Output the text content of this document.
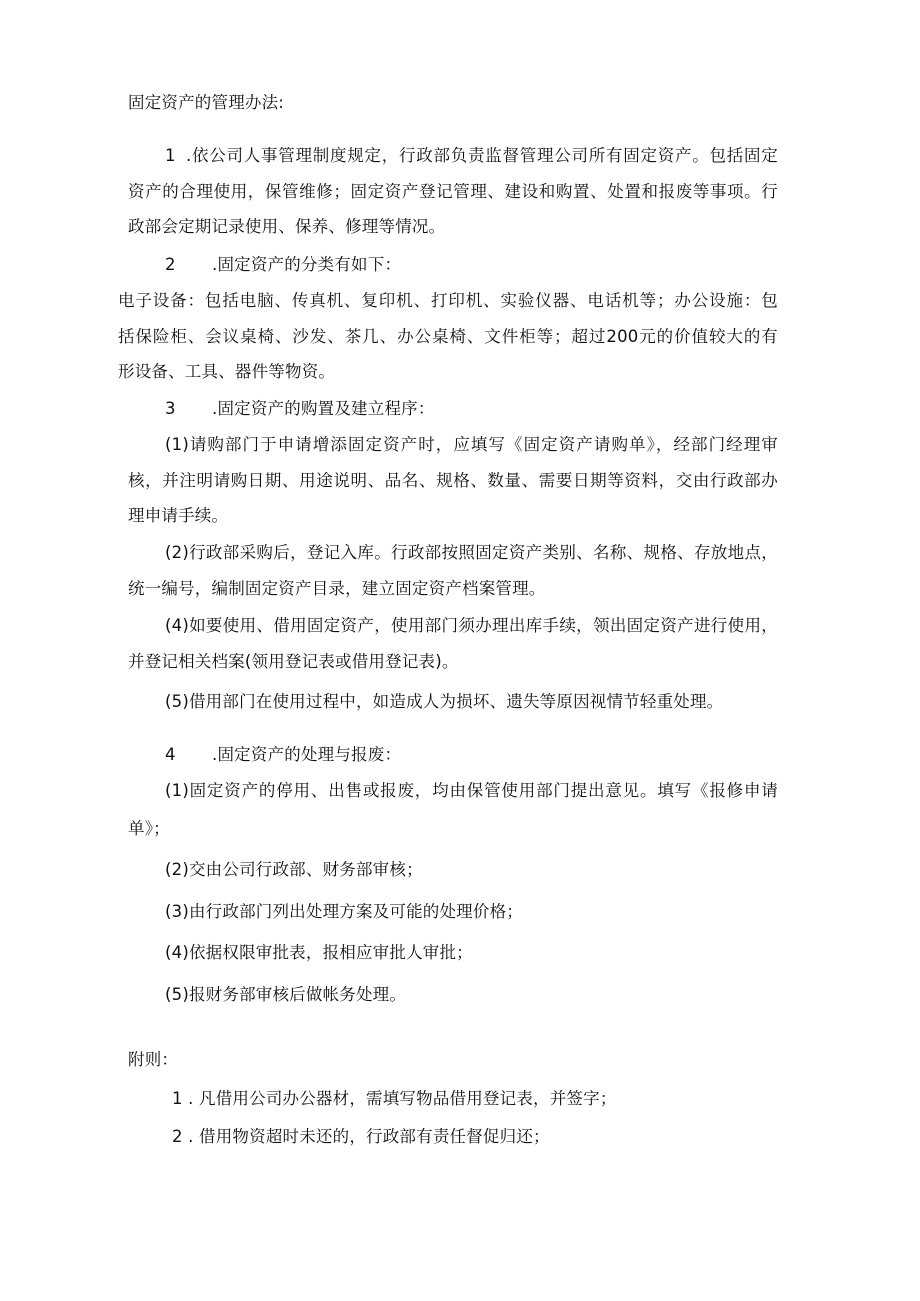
固定资产的管理办法:
1 .依公司人事管理制度规定，行政部负责监督管理公司所有固定资产。包括固定
资产的合理使用，保管维修；固定资产登记管理、建设和购置、处置和报废等事项。行
政部会定期记录使用、保养、修理等情况。
2 .固定资产的分类有如下：
电子设备：包括电脑、传真机、复印机、打印机、实验仪器、电话机等；办公设施：包
括保险柜、会议桌椅、沙发、茶几、办公桌椅、文件柜等；超过200元的价值较大的有
形设备、工具、器件等物资。
3 .固定资产的购置及建立程序：
(1)请购部门于申请增添固定资产时，应填写《固定资产请购单》，经部门经理审
核，并注明请购日期、用途说明、品名、规格、数量、需要日期等资料，交由行政部办
理申请手续。
(2)行政部采购后，登记入库。行政部按照固定资产类别、名称、规格、存放地点，
统一编号，编制固定资产目录，建立固定资产档案管理。
(4)如要使用、借用固定资产，使用部门须办理出库手续，领出固定资产进行使用，
并登记相关档案(领用登记表或借用登记表)。
(5)借用部门在使用过程中，如造成人为损坏、遗失等原因视情节轻重处理。
4 .固定资产的处理与报废：
(1)固定资产的停用、出售或报废，均由保管使用部门提出意见。填写《报修申请
单》；
(2)交由公司行政部、财务部审核；
(3)由行政部门列出处理方案及可能的处理价格；
(4)依据权限审批表，报相应审批人审批；
(5)报财务部审核后做帐务处理。
附则：
1 . 凡借用公司办公器材，需填写物品借用登记表，并签字；
2 . 借用物资超时未还的，行政部有责任督促归还；
